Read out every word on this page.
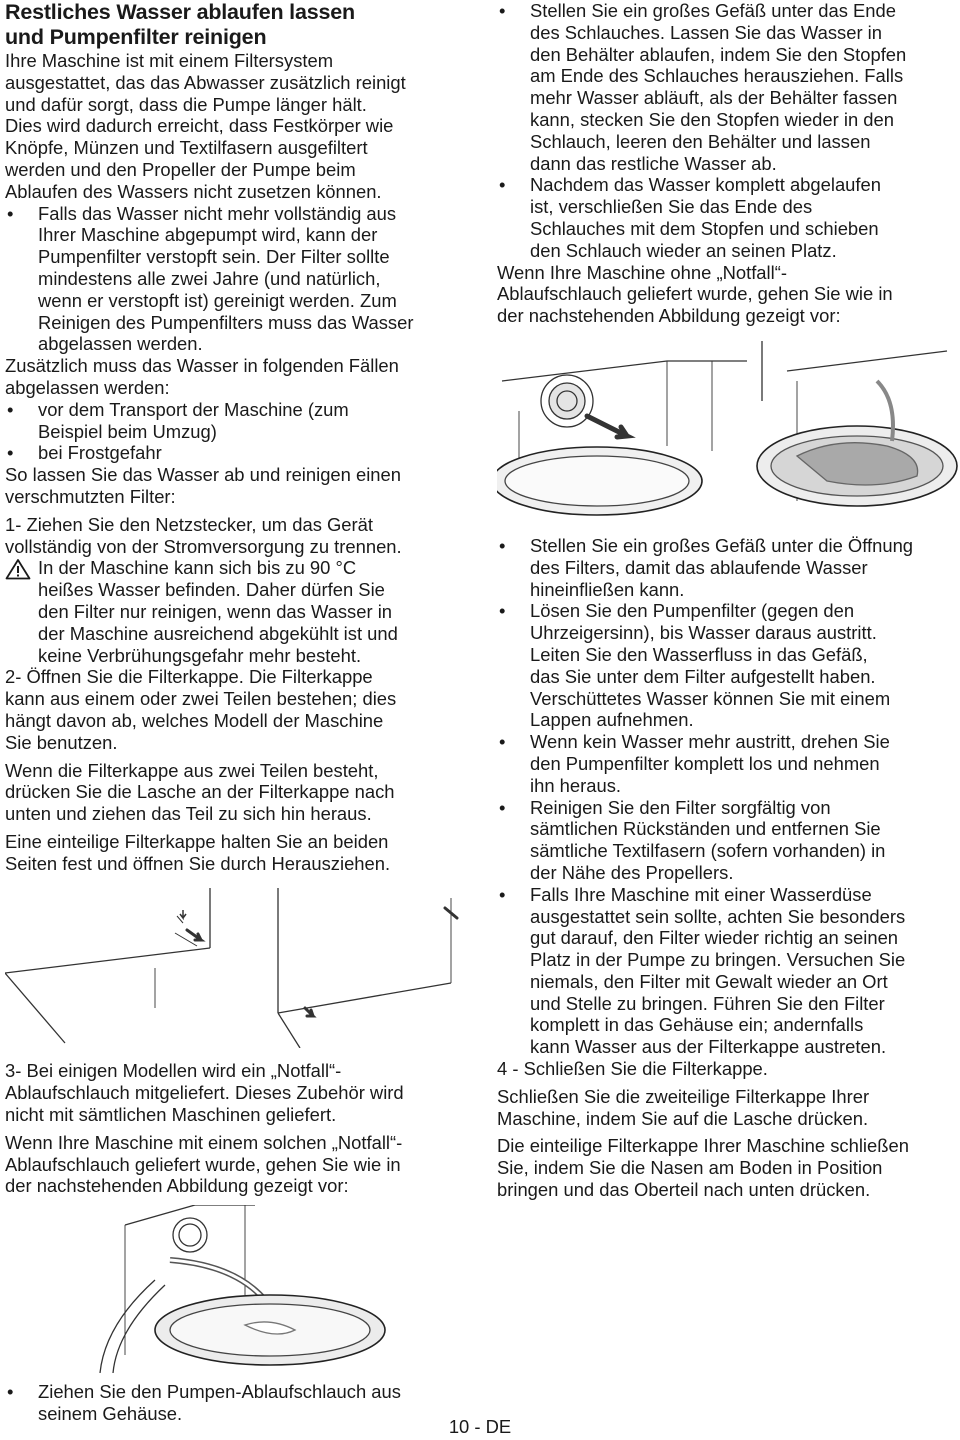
Restliches Wasser ablaufen lassen
und Pumpenfilter reinigen

Ihre Maschine ist mit einem Filtersystem
ausgestattet, das das Abwasser zusätzlich reinigt
und dafür sorgt, dass die Pumpe länger hält.
Dies wird dadurch erreicht, dass Festkörper wie
Knöpfe, Münzen und Textilfasern ausgefiltert
werden und den Propeller der Pumpe beim
Ablaufen des Wassers nicht zusetzen können.

• Falls das Wasser nicht mehr vollständig aus
Ihrer Maschine abgepumpt wird, kann der
Pumpenfilter verstopft sein. Der Filter sollte
mindestens alle zwei Jahre (und natürlich,
wenn er verstopft ist) gereinigt werden. Zum
Reinigen des Pumpenfilters muss das Wasser
abgelassen werden.

Zusätzlich muss das Wasser in folgenden Fällen
abgelassen werden:

• vor dem Transport der Maschine (zum
Beispiel beim Umzug)

• bei Frostgefahr

So lassen Sie das Wasser ab und reinigen einen
verschmutzten Filter:

1- Ziehen Sie den Netzstecker, um das Gerät
vollständig von der Stromversorgung zu trennen.

In der Maschine kann sich bis zu 90 °C
heißes Wasser befinden. Daher dürfen Sie
den Filter nur reinigen, wenn das Wasser in
der Maschine ausreichend abgekühlt ist und
keine Verbrühungsgefahr mehr besteht.

2- Öffnen Sie die Filterkappe. Die Filterkappe
kann aus einem oder zwei Teilen bestehen; dies
hängt davon ab, welches Modell der Maschine
Sie benutzen.

Wenn die Filterkappe aus zwei Teilen besteht,
drücken Sie die Lasche an der Filterkappe nach
unten und ziehen das Teil zu sich hin heraus.

Eine einteilige Filterkappe halten Sie an beiden
Seiten fest und öffnen Sie durch Herausziehen.

3- Bei einigen Modellen wird ein „Notfall“-
Ablaufschlauch mitgeliefert. Dieses Zubehör wird
nicht mit sämtlichen Maschinen geliefert.

Wenn Ihre Maschine mit einem solchen „Notfall“-
Ablaufschlauch geliefert wurde, gehen Sie wie in
der nachstehenden Abbildung gezeigt vor:

• Ziehen Sie den Pumpen-Ablaufschlauch aus
seinem Gehäuse.

• Stellen Sie ein großes Gefäß unter das Ende
des Schlauches. Lassen Sie das Wasser in
den Behälter ablaufen, indem Sie den Stopfen
am Ende des Schlauches herausziehen. Falls
mehr Wasser abläuft, als der Behälter fassen
kann, stecken Sie den Stopfen wieder in den
Schlauch, leeren den Behälter und lassen
dann das restliche Wasser ab.

• Nachdem das Wasser komplett abgelaufen
ist, verschließen Sie das Ende des
Schlauches mit dem Stopfen und schieben
den Schlauch wieder an seinen Platz.

Wenn Ihre Maschine ohne „Notfall“-
Ablaufschlauch geliefert wurde, gehen Sie wie in
der nachstehenden Abbildung gezeigt vor:

• Stellen Sie ein großes Gefäß unter die Öffnung
des Filters, damit das ablaufende Wasser
hineinfließen kann.

• Lösen Sie den Pumpenfilter (gegen den
Uhrzeigersinn), bis Wasser daraus austritt.
Leiten Sie den Wasserfluss in das Gefäß,
das Sie unter dem Filter aufgestellt haben.
Verschüttetes Wasser können Sie mit einem
Lappen aufnehmen.

• Wenn kein Wasser mehr austritt, drehen Sie
den Pumpenfilter komplett los und nehmen
ihn heraus.

• Reinigen Sie den Filter sorgfältig von
sämtlichen Rückständen und entfernen Sie
sämtliche Textilfasern (sofern vorhanden) in
der Nähe des Propellers.

• Falls Ihre Maschine mit einer Wasserdüse
ausgestattet sein sollte, achten Sie besonders
gut darauf, den Filter wieder richtig an seinen
Platz in der Pumpe zu bringen. Versuchen Sie
niemals, den Filter mit Gewalt wieder an Ort
und Stelle zu bringen. Führen Sie den Filter
komplett in das Gehäuse ein; andernfalls
kann Wasser aus der Filterkappe austreten.

4 - Schließen Sie die Filterkappe.

Schließen Sie die zweiteilige Filterkappe Ihrer
Maschine, indem Sie auf die Lasche drücken.

Die einteilige Filterkappe Ihrer Maschine schließen
Sie, indem Sie die Nasen am Boden in Position
bringen und das Oberteil nach unten drücken.

10 - DE
